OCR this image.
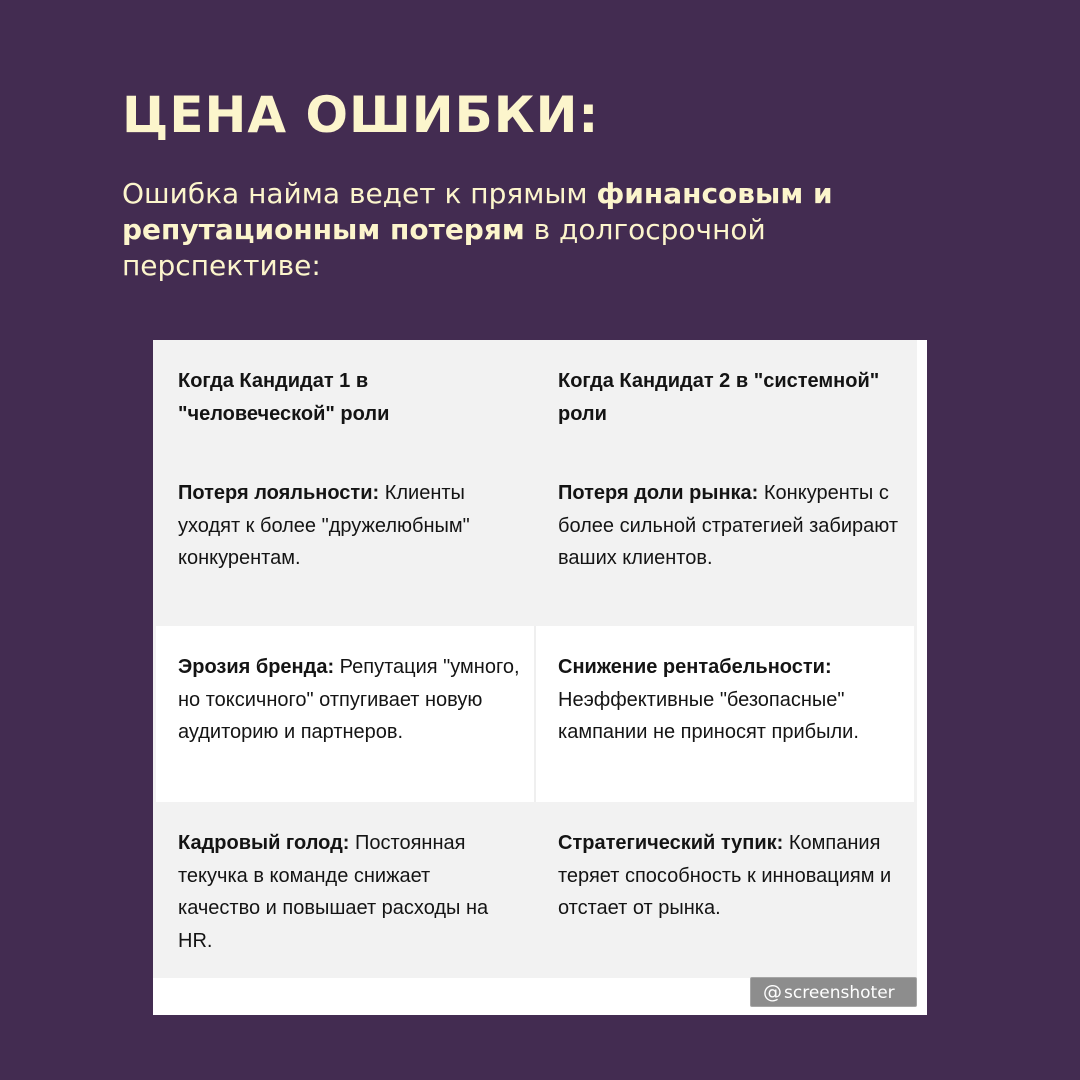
ЦЕНА ОШИБКИ:

Ошибка найма ведет к прямым финансовым и репутационным потерям в долгосрочной перспективе:

Когда Кандидат 1 в "человеческой" роли
Когда Кандидат 2 в "системной" роли
Потеря лояльности: Клиенты уходят к более "дружелюбным" конкурентам.
Потеря доли рынка: Конкуренты с более сильной стратегией забирают ваших клиентов.
Эрозия бренда: Репутация "умного, но токсичного" отпугивает новую аудиторию и партнеров.
Снижение рентабельности: Неэффективные "безопасные" кампании не приносят прибыли.
Кадровый голод: Постоянная текучка в команде снижает качество и повышает расходы на HR.
Стратегический тупик: Компания теряет способность к инновациям и отстает от рынка.
@ screenshoter
